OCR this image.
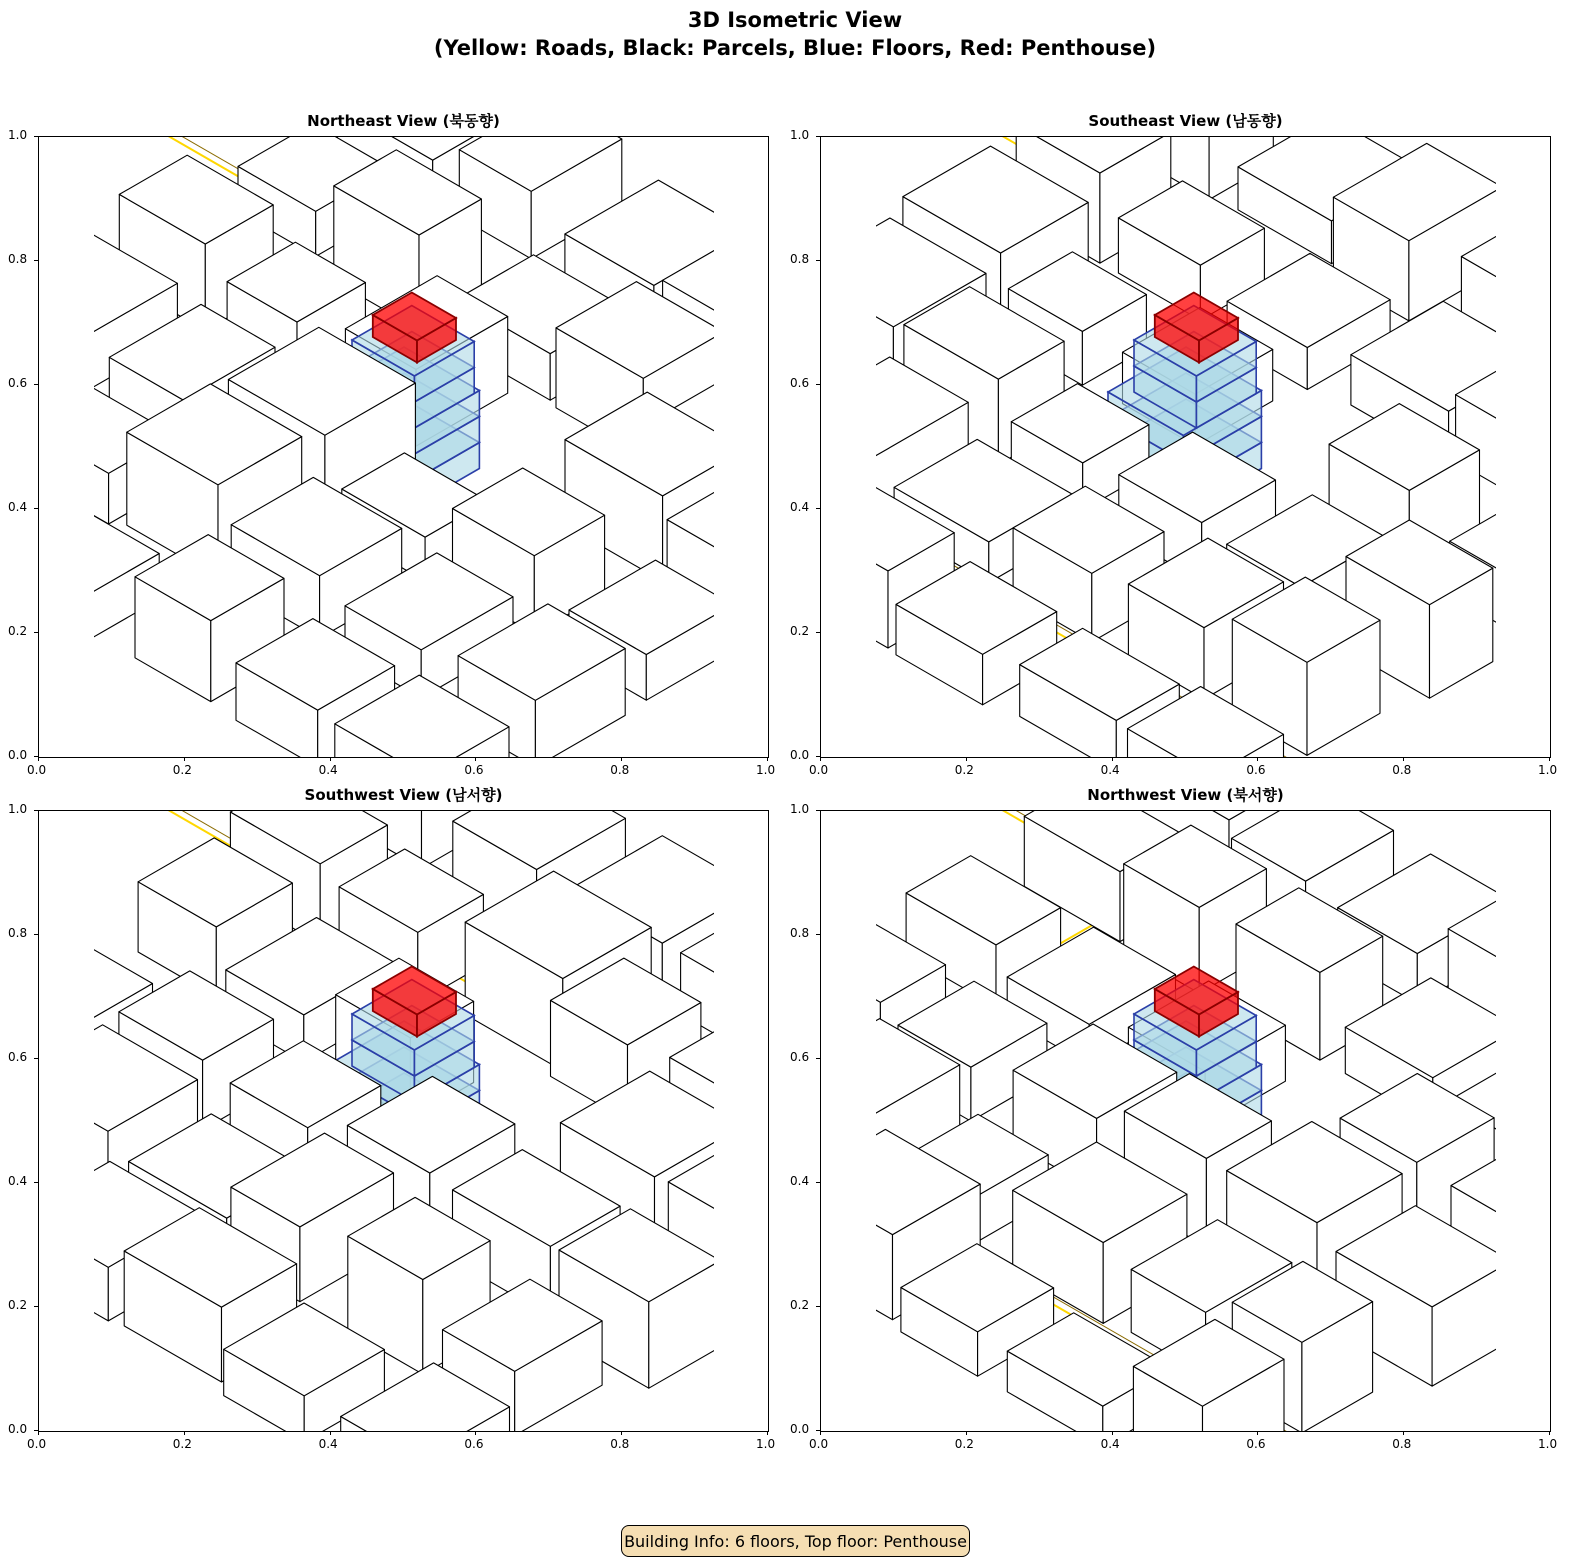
3D Isometric View
(Yellow: Roads, Black: Parcels, Blue: Floors, Red: Penthouse)
Northeast View (북동향)	Southeast View (남동향)
Southwest View (남서향)	Northwest View (북서향)
0.0
0.0
0.2
0.2
0.4
0.4
0.6
0.6
0.8
0.8
1.0
1.0
0.0
0.0
0.2
0.2
0.4
0.4
0.6
0.6
0.8
0.8
1.0
1.0
0.0
0.0
0.2
0.2
0.4
0.4
0.6
0.6
0.8
0.8
1.0
1.0
0.0
0.0
0.2
0.2
0.4
0.4
0.6
0.6
0.8
0.8
1.0
1.0
Building Info: 6 floors, Top floor: Penthouse
